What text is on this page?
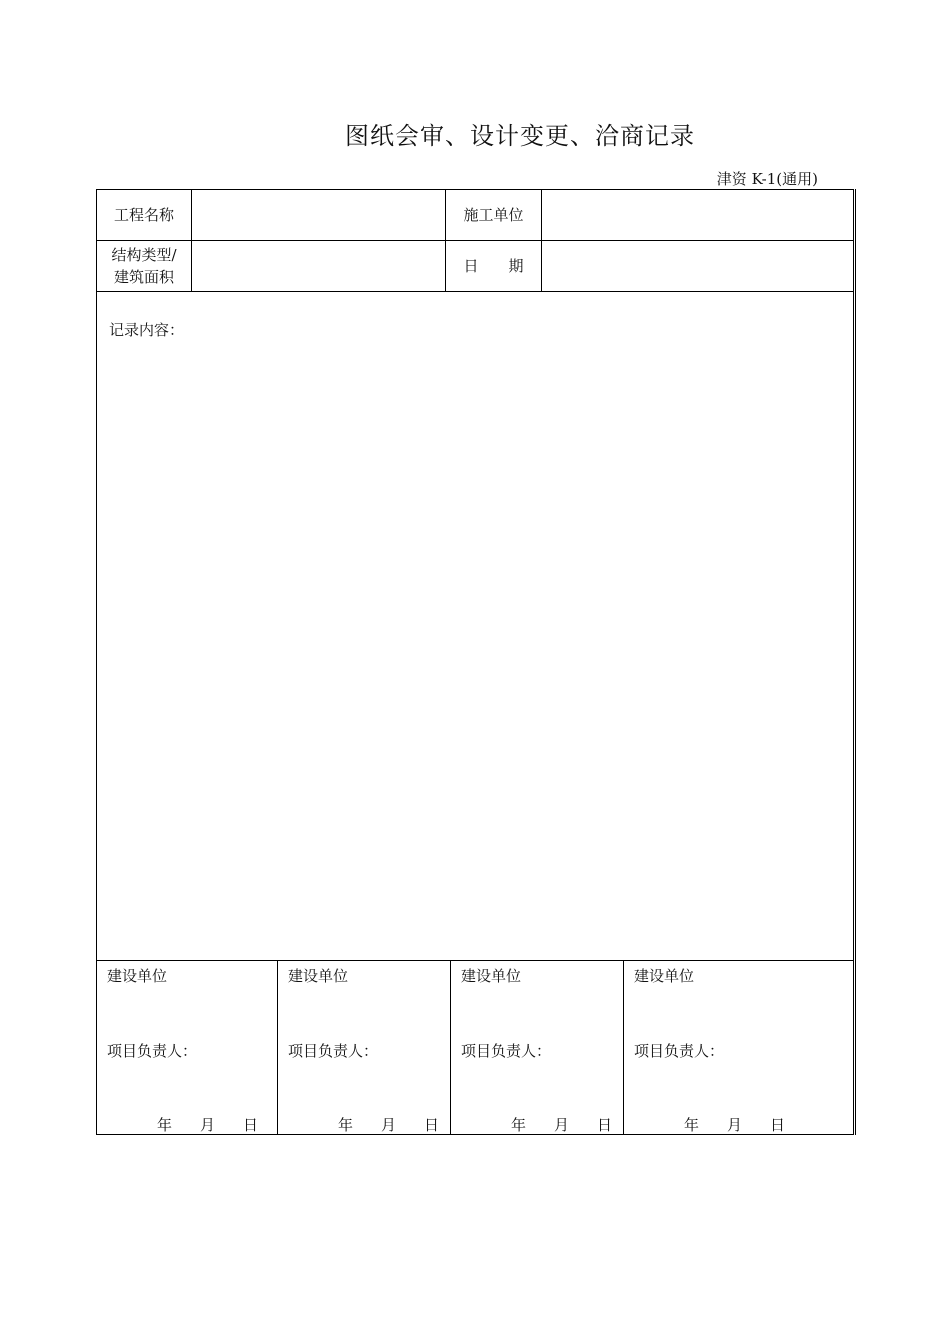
图纸会审、设计变更、洽商记录
津资 K-1(通用)
工程名称	施工单位
结构类型/
建筑面积
日　　期
记录内容：
建设单位
项目负责人：
年 月 日
建设单位
项目负责人：
年 月 日
建设单位
项目负责人：
年 月 日
建设单位
项目负责人：
年 月 日
